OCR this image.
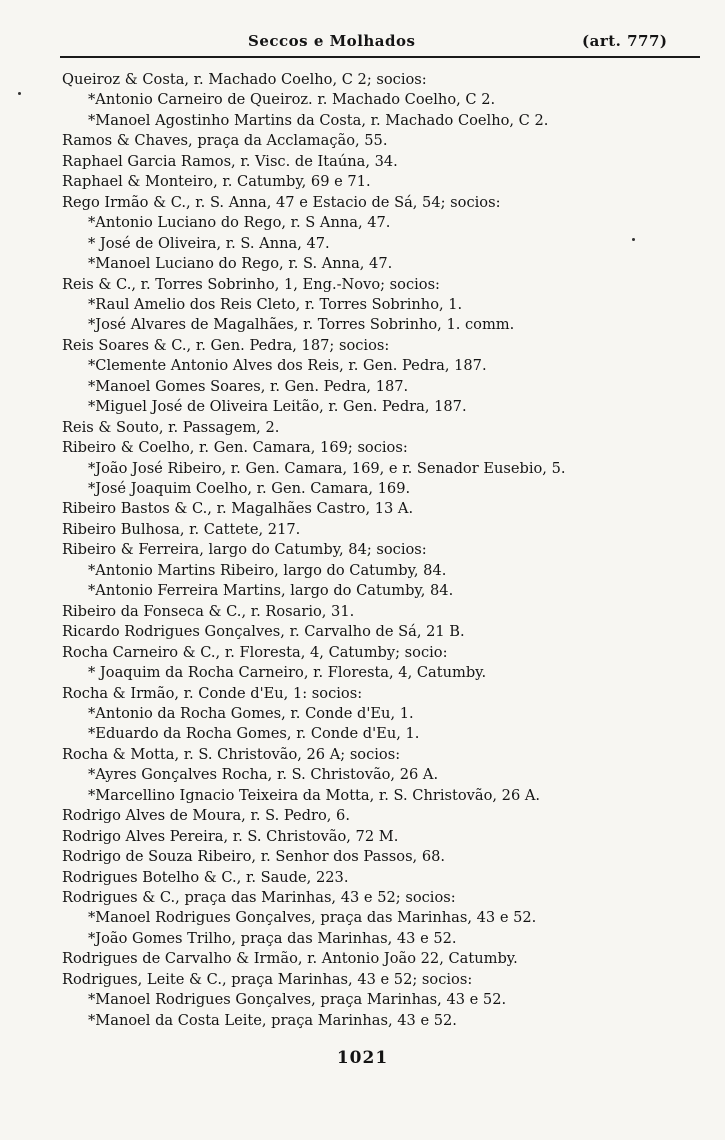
Seccos e Molhados	(art. 777)
Queiroz & Costa, r. Machado Coelho, C 2; socios:
*Antonio Carneiro de Queiroz. r. Machado Coelho, C 2.
*Manoel Agostinho Martins da Costa, r. Machado Coelho, C 2.
Ramos & Chaves, praça da Acclamação, 55.
Raphael Garcia Ramos, r. Visc. de Itaúna, 34.
Raphael & Monteiro, r. Catumby, 69 e 71.
Rego Irmão & C., r. S. Anna, 47 e Estacio de Sá, 54; socios:
*Antonio Luciano do Rego, r. S Anna, 47.
* José de Oliveira, r. S. Anna, 47.
*Manoel Luciano do Rego, r. S. Anna, 47.
Reis & C., r. Torres Sobrinho, 1, Eng.-Novo; socios:
*Raul Amelio dos Reis Cleto, r. Torres Sobrinho, 1.
*José Alvares de Magalhães, r. Torres Sobrinho, 1. comm.
Reis Soares & C., r. Gen. Pedra, 187; socios:
*Clemente Antonio Alves dos Reis, r. Gen. Pedra, 187.
*Manoel Gomes Soares, r. Gen. Pedra, 187.
*Miguel José de Oliveira Leitão, r. Gen. Pedra, 187.
Reis & Souto, r. Passagem, 2.
Ribeiro & Coelho, r. Gen. Camara, 169; socios:
*João José Ribeiro, r. Gen. Camara, 169, e r. Senador Eusebio, 5.
*José Joaquim Coelho, r. Gen. Camara, 169.
Ribeiro Bastos & C., r. Magalhães Castro, 13 A.
Ribeiro Bulhosa, r. Cattete, 217.
Ribeiro & Ferreira, largo do Catumby, 84; socios:
*Antonio Martins Ribeiro, largo do Catumby, 84.
*Antonio Ferreira Martins, largo do Catumby, 84.
Ribeiro da Fonseca & C., r. Rosario, 31.
Ricardo Rodrigues Gonçalves, r. Carvalho de Sá, 21 B.
Rocha Carneiro & C., r. Floresta, 4, Catumby; socio:
* Joaquim da Rocha Carneiro, r. Floresta, 4, Catumby.
Rocha & Irmão, r. Conde d'Eu, 1: socios:
*Antonio da Rocha Gomes, r. Conde d'Eu, 1.
*Eduardo da Rocha Gomes, r. Conde d'Eu, 1.
Rocha & Motta, r. S. Christovão, 26 A; socios:
*Ayres Gonçalves Rocha, r. S. Christovão, 26 A.
*Marcellino Ignacio Teixeira da Motta, r. S. Christovão, 26 A.
Rodrigo Alves de Moura, r. S. Pedro, 6.
Rodrigo Alves Pereira, r. S. Christovão, 72 M.
Rodrigo de Souza Ribeiro, r. Senhor dos Passos, 68.
Rodrigues Botelho & C., r. Saude, 223.
Rodrigues & C., praça das Marinhas, 43 e 52; socios:
*Manoel Rodrigues Gonçalves, praça das Marinhas, 43 e 52.
*João Gomes Trilho, praça das Marinhas, 43 e 52.
Rodrigues de Carvalho & Irmão, r. Antonio João 22, Catumby.
Rodrigues, Leite & C., praça Marinhas, 43 e 52; socios:
*Manoel Rodrigues Gonçalves, praça Marinhas, 43 e 52.
*Manoel da Costa Leite, praça Marinhas, 43 e 52.
1021
